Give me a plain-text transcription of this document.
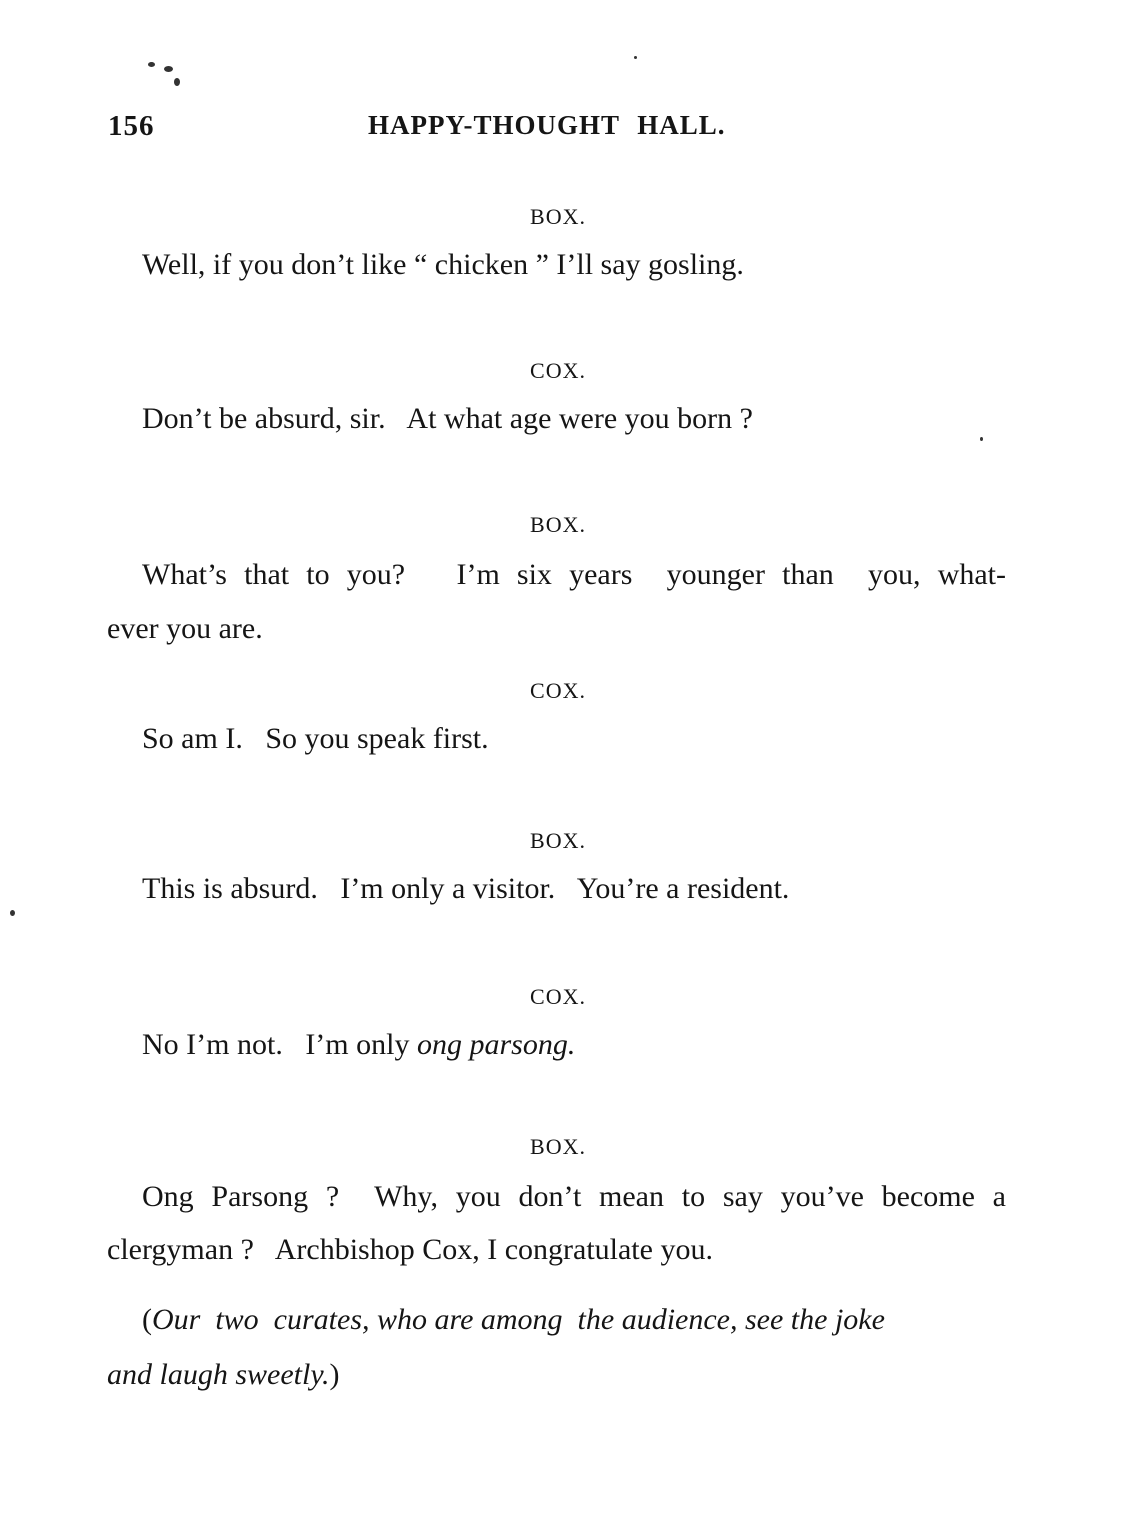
156	HAPPY-THOUGHT HALL.
BOX.
Well, if you don’t like “ chicken ” I’ll say gosling.
COX.
Don’t be absurd, sir.   At what age were you born ?
BOX.
What’s that to you?   I’m six years  younger than  you, what-
ever you are.
COX.
So am I.   So you speak first.
BOX.
This is absurd.   I’m only a visitor.   You’re a resident.
COX.
No I’m not.   I’m only ong parsong.
BOX.
Ong Parsong ?  Why, you don’t mean to say you’ve become a
clergyman ?   Archbishop Cox, I congratulate you.
(Our  two  curates, who are among  the audience, see the joke
and laugh sweetly.)
